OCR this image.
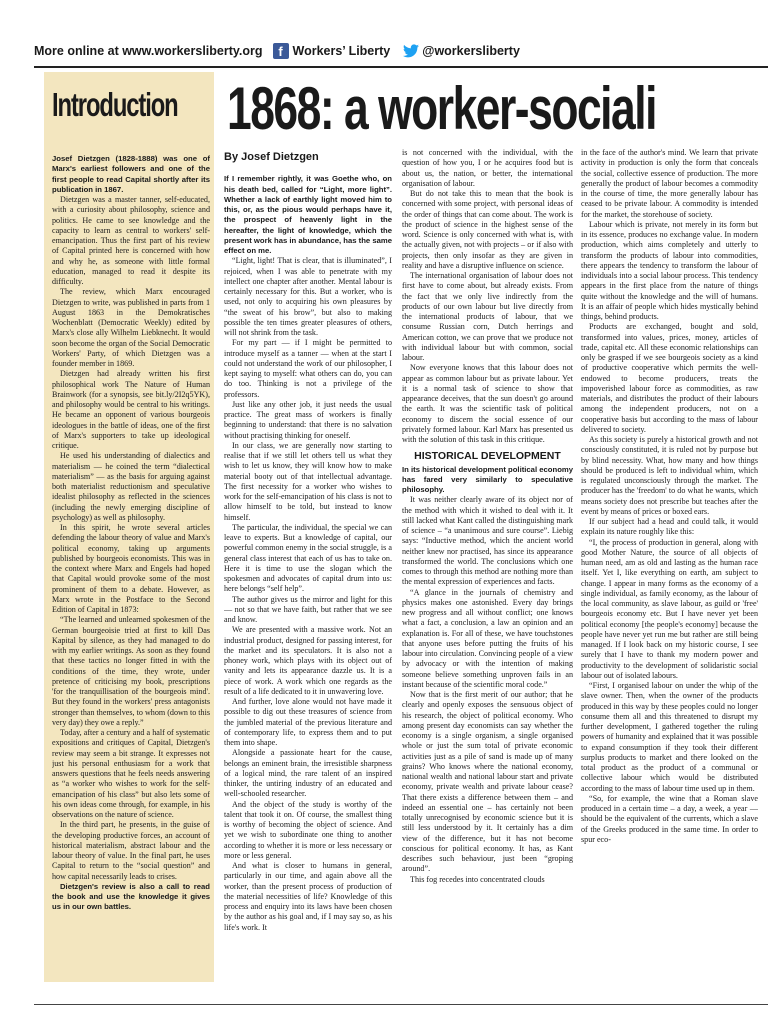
More online at www.workersliberty.org	f Workers’ Liberty	@workersliberty
Introduction 1868: a worker-sociali

Josef Dietzgen (1828-1888) was one of Marx's earliest followers and one of the first people to read Capital shortly after its publication in 1867.

Dietzgen was a master tanner, self-educated, with a curiosity about philosophy, science and politics. He came to see knowledge and the capacity to learn as central to workers' self-emancipation. Thus the first part of his review of Capital printed here is concerned with how and why he, as someone with little formal education, managed to read it despite its difficulty.

The review, which Marx encouraged Dietzgen to write, was published in parts from 1 August 1863 in the Demokratisches Wochenblatt (Democratic Weekly) edited by Marx's close ally Wilhelm Liebknecht. It would soon become the organ of the Social Democratic Workers' Party, of which Dietzgen was a founder member in 1869.

Dietzgen had already written his first philosophical work The Nature of Human Brainwork (for a synopsis, see bit.ly/2I2q5YK), and philosophy would be central to his writings. He became an opponent of various bourgeois ideologues in the battle of ideas, one of the first of Marx's supporters to take up ideological critique.

He used his understanding of dialectics and materialism — he coined the term “dialectical materialism” — as the basis for arguing against both materialist reductionism and speculative idealist philosophy as reflected in the sciences (including the newly emerging discipline of psychology) as well as philosophy.

In this spirit, he wrote several articles defending the labour theory of value and Marx's political economy, taking up arguments published by bourgeois economists. This was in the context where Marx and Engels had hoped that Capital would provoke some of the most prominent of them to a debate. However, as Marx wrote in the Postface to the Second Edition of Capital in 1873:

“The learned and unlearned spokesmen of the German bourgeoisie tried at first to kill Das Kapital by silence, as they had managed to do with my earlier writings. As soon as they found that these tactics no longer fitted in with the conditions of the time, they wrote, under pretence of criticising my book, prescriptions 'for the tranquillisation of the bourgeois mind'. But they found in the workers' press antagonists stronger than themselves, to whom (down to this very day) they owe a reply.”

Today, after a century and a half of systematic expositions and critiques of Capital, Dietzgen's review may seem a bit strange. It expresses not just his personal enthusiasm for a work that answers questions that he feels needs answering as “a worker who wishes to work for the self-emancipation of his class” but also lets some of his own ideas come through, for example, in his observations on the nature of science.

In the third part, he presents, in the guise of the developing productive forces, an account of historical materialism, abstract labour and the labour theory of value. In the final part, he uses Capital to return to the “social question” and how capital necessarily leads to crises.

Dietzgen's review is also a call to read the book and use the knowledge it gives us in our own battles.

By Josef Dietzgen

If I remember rightly, it was Goethe who, on his death bed, called for “Light, more light”. Whether a lack of earthly light moved him to this, or, as the pious would perhaps have it, the prospect of heavenly light in the hereafter, the light of knowledge, which the present work has in abundance, has the same effect on me.

“Light, light! That is clear, that is illuminated”, I rejoiced, when I was able to penetrate with my intellect one chapter after another. Mental labour is certainly necessary for this. But a worker, who is used, not only to acquiring his own pleasures by “the sweat of his brow”, but also to making possible the ten times greater pleasures of others, will not shrink from the task.

For my part — if I might be permitted to introduce myself as a tanner — when at the start I could not understand the work of our philosopher, I kept saying to myself: what others can do, you can do too. Thinking is not a privilege of the professors.

Just like any other job, it just needs the usual practice. The great mass of workers is finally beginning to understand: that there is no salvation without practising thinking for oneself.

In our class, we are generally now starting to realise that if we still let others tell us what they wish to let us know, they will know how to make material booty out of that intellectual advantage. The first necessity for a worker who wishes to work for the self-emancipation of his class is not to allow himself to be told, but instead to know himself.

The particular, the individual, the special we can leave to experts. But a knowledge of capital, our powerful common enemy in the social struggle, is a general class interest that each of us has to take on. Here it is time to use the slogan which the spokesmen and advocates of capital drum into us: here belongs “self help”.

The author gives us the mirror and light for this — not so that we have faith, but rather that we see and know.

We are presented with a massive work. Not an industrial product, designed for passing interest, for the market and its speculators. It is also not a phoney work, which plays with its object out of vanity and lets its appearance dazzle us. It is a piece of work. A work which one regards as the result of a life dedicated to it in unwavering love.

And further, love alone would not have made it possible to dig out these treasures of science from the jumbled material of the previous literature and of contemporary life, to express them and to put them into shape.

Alongside a passionate heart for the cause, belongs an eminent brain, the irresistible sharpness of a logical mind, the rare talent of an inspired thinker, the untiring industry of an educated and well-schooled researcher.

And the object of the study is worthy of the talent that took it on. Of course, the smallest thing is worthy of becoming the object of science. And yet we wish to subordinate one thing to another according to whether it is more or less necessary or more or less general.

And what is closer to humans in general, particularly in our time, and again above all the worker, than the present process of production of the material necessities of life? Knowledge of this process and enquiry into its laws have been chosen by the author as his goal and, if I may say so, as his life's work. It

is not concerned with the individual, with the question of how you, I or he acquires food but is about us, the nation, or better, the international organisation of labour.

But do not take this to mean that the book is concerned with some project, with personal ideas of the order of things that can come about. The work is the product of science in the highest sense of the word. Science is only concerned with what is, with the actually given, not with projects – or if also with projects, then only insofar as they are given in reality and have a disruptive influence on science.

The international organisation of labour does not first have to come about, but already exists. From the fact that we only live indirectly from the products of our own labour but live directly from the international products of labour, that we consume Russian corn, Dutch herrings and American cotton, we can prove that we produce not with individual labour but with common, social labour.

Now everyone knows that this labour does not appear as common labour but as private labour. Yet it is a normal task of science to show that appearance deceives, that the sun doesn't go around the earth. It was the scientific task of political economy to discern the social essence of our privately formed labour. Karl Marx has presented us with the solution of this task in this critique.

HISTORICAL DEVELOPMENT

In its historical development political economy has fared very similarly to speculative philosophy.

It was neither clearly aware of its object nor of the method with which it wished to deal with it. It still lacked what Kant called the distinguishing mark of science – “a unanimous and sure course”. Liebig says: “Inductive method, which the ancient world neither knew nor practised, has since its appearance transformed the world. The conclusions which one comes to through this method are nothing more than the mental expression of experiences and facts.

“A glance in the journals of chemistry and physics makes one astonished. Every day brings new progress and all without conflict; one knows what a fact, a conclusion, a law an opinion and an explanation is. For all of these, we have touchstones that anyone uses before putting the fruits of his labour into circulation. Convincing people of a view by advocacy or with the intention of making someone believe something unproven fails in an instant because of the scientific moral code.”

Now that is the first merit of our author; that he clearly and openly exposes the sensuous object of his research, the object of political economy. Who among present day economists can say whether the economy is a single organism, a single organised whole or just the sum total of private economic activities just as a pile of sand is made up of many grains? Who knows where the national economy, national wealth and national labour start and private economy, private wealth and private labour cease? That there exists a difference between them – and indeed an essential one – has certainly not been totally unrecognised by economic science but it is still less understood by it. It certainly has a dim view of the difference, but it has not become conscious for political economy. It has, as Kant describes such behaviour, just been “groping around”.

This fog recedes into concentrated clouds

in the face of the author's mind. We learn that private activity in production is only the form that conceals the social, collective essence of production. The more generally the product of labour becomes a commodity in the course of time, the more generally labour has ceased to be private labour. A commodity is intended for the market, the storehouse of society.

Labour which is private, not merely in its form but in its essence, produces no exchange value. In modern production, which aims completely and utterly to transform the products of labour into commodities, there appears the tendency to transform the labour of individuals into a social labour process. This tendency appears in the first place from the nature of things quite without the knowledge and the will of humans. It is an affair of people which hides mystically behind things, behind products.

Products are exchanged, bought and sold, transformed into values, prices, money, articles of trade, capital etc. All these economic relationships can only be grasped if we see bourgeois society as a kind of productive cooperative which permits the well-endowed to become producers, treats the impoverished labour force as commodities, as raw materials, and distributes the product of their labours among the independent producers, not on a cooperative basis but according to the mass of labour delivered to society.

As this society is purely a historical growth and not consciously constituted, it is ruled not by purpose but by blind necessity. What, how many and how things should be produced is left to individual whim, which is regulated unconsciously through the market. The producer has the 'freedom' to do what he wants, which means society does not prescribe but teaches after the event by means of prices or boxed ears.

If our subject had a head and could talk, it would explain its nature roughly like this:

“I, the process of production in general, along with good Mother Nature, the source of all objects of human need, am as old and lasting as the human race itself. Yet I, like everything on earth, am subject to change. I appear in many forms as the economy of a single individual, as family economy, as the labour of the local community, as slave labour, as guild or 'free' bourgeois economy etc. But I have never yet been political economy [the people's economy] because the people have never yet run me but rather are still being managed. If I look back on my historic course, I see surely that I have to thank my modern power and productivity to the development of solidaristic social labour out of isolated labours.

“First, I organised labour on under the whip of the slave owner. Then, when the owner of the products produced in this way by these peoples could no longer consume them all and this threatened to disrupt my further development, I gathered together the ruling powers of humanity and explained that it was possible to expand consumption if they took their different surplus products to market and there looked on the total product as the product of a communal or collective labour which would be distributed according to the mass of labour time used up in them.

“So, for example, the wine that a Roman slave produced in a certain time – a day, a week, a year — should be the equivalent of the currents, which a slave of the Greeks produced in the same time. In order to spur eco-
